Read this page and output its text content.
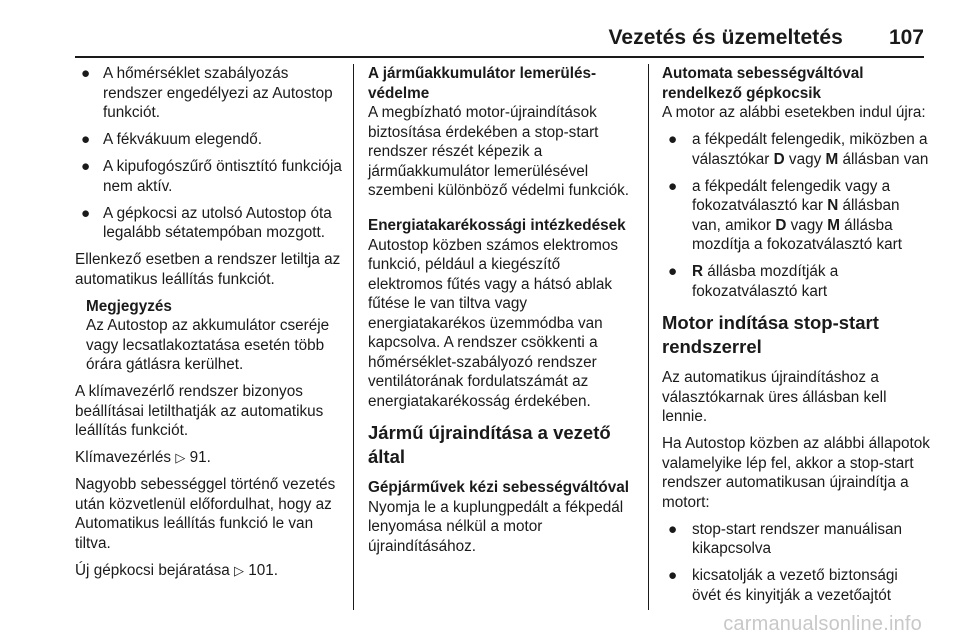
Vezetés és üzemeltetés 107
● A hőmérséklet szabályozás rendszer engedélyezi az Autostop funkciót.
● A fékvákuum elegendő.
● A kipufogószűrő öntisztító funkciója nem aktív.
● A gépkocsi az utolsó Autostop óta legalább sétatempóban mozgott.

Ellenkező esetben a rendszer letiltja az automatikus leállítás funkciót.

Megjegyzés
Az Autostop az akkumulátor cseréje vagy lecsatlakoztatása esetén több órára gátlásra kerülhet.

A klímavezérlő rendszer bizonyos beállításai letilthatják az automatikus leállítás funkciót.

Klímavezérlés ▷ 91.

Nagyobb sebességgel történő vezetés után közvetlenül előfordulhat, hogy az Automatikus leállítás funkció le van tiltva.

Új gépkocsi bejáratása ▷ 101.

A járműakkumulátor lemerülés-védelme

A megbízható motor-újraindítások biztosítása érdekében a stop-start rendszer részét képezik a járműakkumulátor lemerülésével szembeni különböző védelmi funkciók.

Energiatakarékossági intézkedések

Autostop közben számos elektromos funkció, például a kiegészítő elektromos fűtés vagy a hátsó ablak fűtése le van tiltva vagy energiatakarékos üzemmódba van kapcsolva. A rendszer csökkenti a hőmérséklet-szabályozó rendszer ventilátorának fordulatszámát az energiatakarékosság érdekében.

Jármű újraindítása a vezető által
Gépjárművek kézi sebességváltóval

Nyomja le a kuplungpedált a fékpedál lenyomása nélkül a motor újraindításához.

Automata sebességváltóval rendelkező gépkocsik

A motor az alábbi esetekben indul újra:

● a fékpedált felengedik, miközben a választókar D vagy M állásban van
● a fékpedált felengedik vagy a fokozatválasztó kar N állásban van, amikor D vagy M állásba mozdítja a fokozatválasztó kart
● R állásba mozdítják a fokozatválasztó kart
Motor indítása stop-start rendszerrel

Az automatikus újraindításhoz a választókarnak üres állásban kell lennie.

Ha Autostop közben az alábbi állapotok valamelyike lép fel, akkor a stop-start rendszer automatikusan újraindítja a motort:

● stop-start rendszer manuálisan kikapcsolva
● kicsatolják a vezető biztonsági övét és kinyitják a vezetőajtót
carmanualsonline.info
